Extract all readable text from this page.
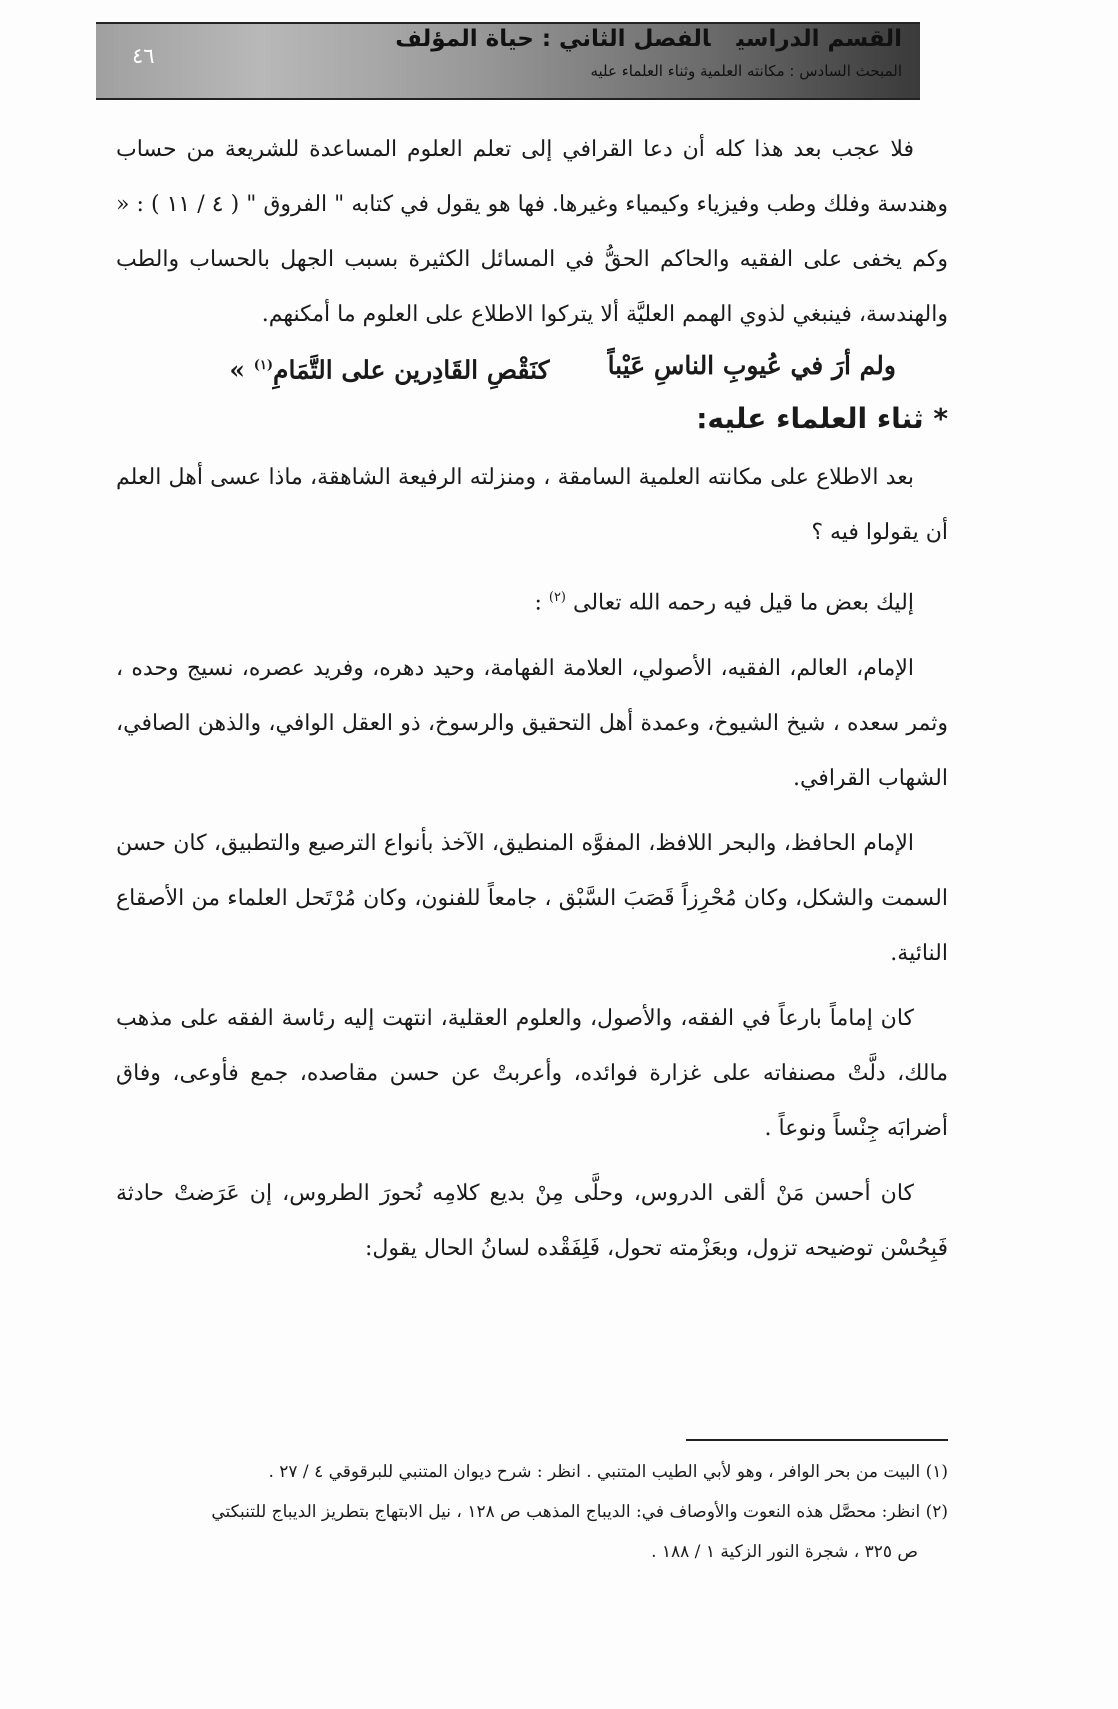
القسم الدراسيالفصل الثاني : حياة المؤلف
المبحث السادس : مكانته العلمية وثناء العلماء عليه
٤٦

فلا عجب بعد هذا كله أن دعا القرافي إلى تعلم العلوم المساعدة للشريعة من حساب وهندسة وفلك وطب وفيزياء وكيمياء وغيرها. فها هو يقول في كتابه " الفروق " ( ٤ / ١١ ) : « وكم يخفى على الفقيه والحاكم الحقُّ في المسائل الكثيرة بسبب الجهل بالحساب والطب والهندسة، فينبغي لذوي الهمم العليَّة ألا يتركوا الاطلاع على العلوم ما أمكنهم.

ولم أرَ في عُيوبِ الناسِ عَيْباً
كنَقْصِ القَادِرين على التَّمَامِ$^{(١)}$ »
* ثناء العلماء عليه:

بعد الاطلاع على مكانته العلمية السامقة ، ومنزلته الرفيعة الشاهقة، ماذا عسى أهل العلم أن يقولوا فيه ؟

إليك بعض ما قيل فيه رحمه الله تعالى $^{(٢)}$ :

الإمام، العالم، الفقيه، الأصولي، العلامة الفهامة، وحيد دهره، وفريد عصره، نسيج وحده ، وثمر سعده ، شيخ الشيوخ، وعمدة أهل التحقيق والرسوخ، ذو العقل الوافي، والذهن الصافي، الشهاب القرافي.

الإمام الحافظ، والبحر اللافظ، المفوَّه المنطيق، الآخذ بأنواع الترصيع والتطبيق، كان حسن السمت والشكل، وكان مُحْرِزاً قَصَبَ السَّبْق ، جامعاً للفنون، وكان مُرْتَحل العلماء من الأصقاع النائية.

كان إماماً بارعاً في الفقه، والأصول، والعلوم العقلية، انتهت إليه رئاسة الفقه على مذهب مالك، دلَّتْ مصنفاته على غزارة فوائده، وأعربتْ عن حسن مقاصده، جمع فأوعى، وفاق أضرابَه جِنْساً ونوعاً .

كان أحسن مَنْ ألقى الدروس، وحلَّى مِنْ بديع كلامِه نُحورَ الطروس، إن عَرَضتْ حادثة فَبِحُسْن توضيحه تزول، وبعَزْمته تحول، فَلِفَقْده لسانُ الحال يقول:

(١) البيت من بحر الوافر ، وهو لأبي الطيب المتنبي . انظر : شرح ديوان المتنبي للبرقوقي ٤ / ٢٧ .

(٢) انظر: محصَّل هذه النعوت والأوصاف في: الديباج المذهب ص ١٢٨ ، نيل الابتهاج بتطريز الديباج للتنبكتي

ص ٣٢٥ ، شجرة النور الزكية ١ / ١٨٨ .
